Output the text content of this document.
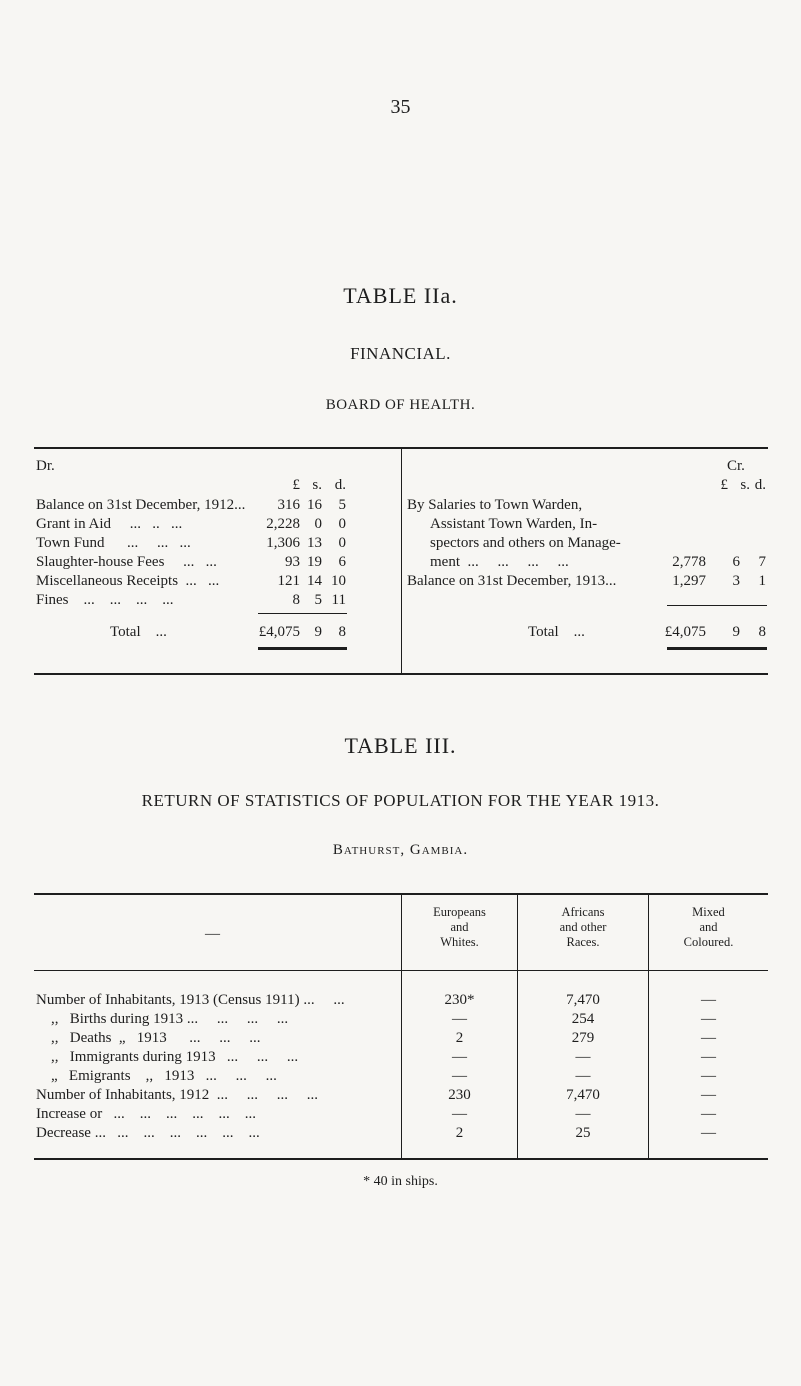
35
TABLE IIa.
FINANCIAL.
BOARD OF HEALTH.
Dr.
£ s. d.
Balance on 31st December, 1912...	316 16	5
Grant in Aid     ...   ..   ...	2,228 0	0
Town Fund      ...     ...   ...	1,306 13	0
Slaughter-house Fees     ...   ...	93 19	6
Miscellaneous Receipts  ...   ...	121 14 10
Fines    ...    ...    ...    ...	8 5 11
Total    ...	£4,075 9	8
Cr.
£ s. d.
By Salaries to Town Warden,
Assistant Town Warden, In-
spectors and others on Manage-
ment  ...     ...     ...     ...	2,778	6	7
Balance on 31st December, 1913...	1,297	3	1
Total    ...	£4,075	9	8
TABLE III.
RETURN OF STATISTICS OF POPULATION FOR THE YEAR 1913.
Bathurst, Gambia.
—
Europeans
and
Whites.
Africans
and other
Races.
Mixed
and
Coloured.
Number of Inhabitants, 1913 (Census 1911) ...     ...	230*	7,470	—
,,   Births during 1913 ...     ...     ...     ...	—	254	—
,,   Deaths  „   1913      ...     ...     ...	2	279	—
,,   Immigrants during 1913   ...     ...     ...	—	—	—
„   Emigrants    ,,   1913   ...     ...     ...	—	—	—
Number of Inhabitants, 1912  ...     ...     ...     ...	230	7,470	—
Increase or   ...    ...    ...    ...    ...    ...	—	—	—
Decrease ...   ...    ...    ...    ...    ...    ...	2	25	—
* 40 in ships.
